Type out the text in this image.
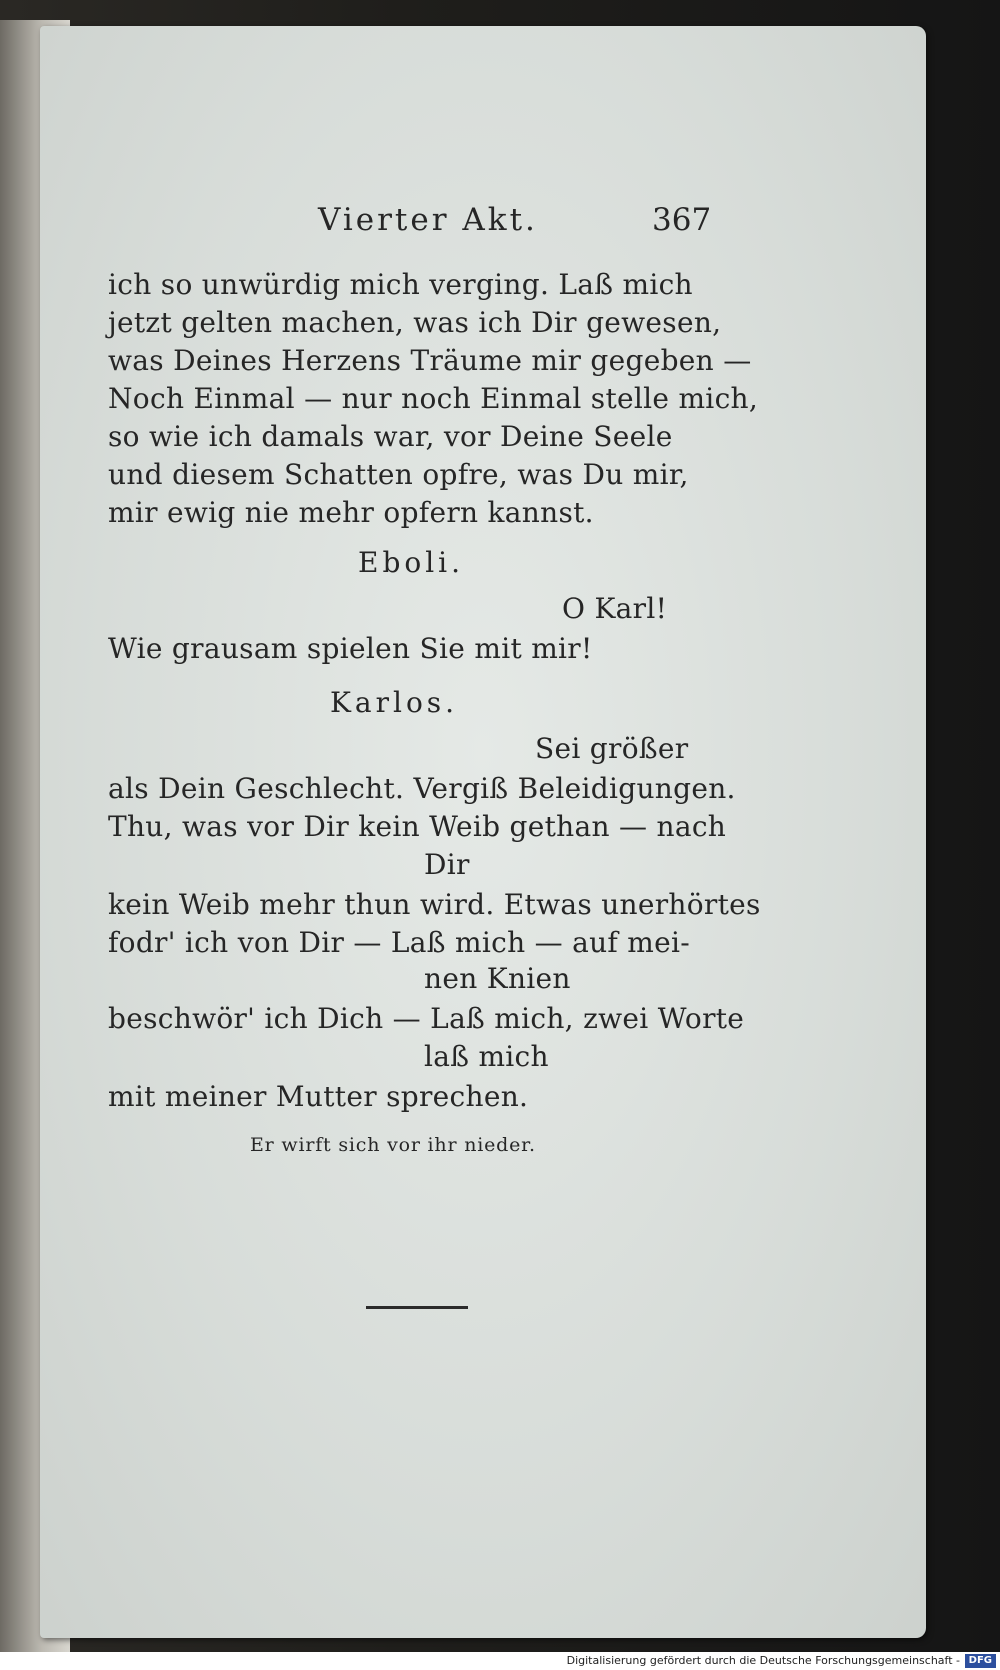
Vierter Akt.	367
ich so unwürdig mich verging. Laß mich
jetzt gelten machen, was ich Dir gewesen,
was Deines Herzens Träume mir gegeben —
Noch Einmal — nur noch Einmal stelle mich,
so wie ich damals war, vor Deine Seele
und diesem Schatten opfre, was Du mir,
mir ewig nie mehr opfern kannst.
Eboli.
O Karl!
Wie grausam spielen Sie mit mir!
Karlos.
Sei größer
als Dein Geschlecht. Vergiß Beleidigungen.
Thu, was vor Dir kein Weib gethan — nach
Dir
kein Weib mehr thun wird. Etwas unerhörtes
fodr' ich von Dir — Laß mich — auf mei-
nen Knien
beschwör' ich Dich — Laß mich, zwei Worte
laß mich
mit meiner Mutter sprechen.
Er wirft sich vor ihr nieder.
Digitalisierung gefördert durch die Deutsche Forschungsgemeinschaft - DFG
